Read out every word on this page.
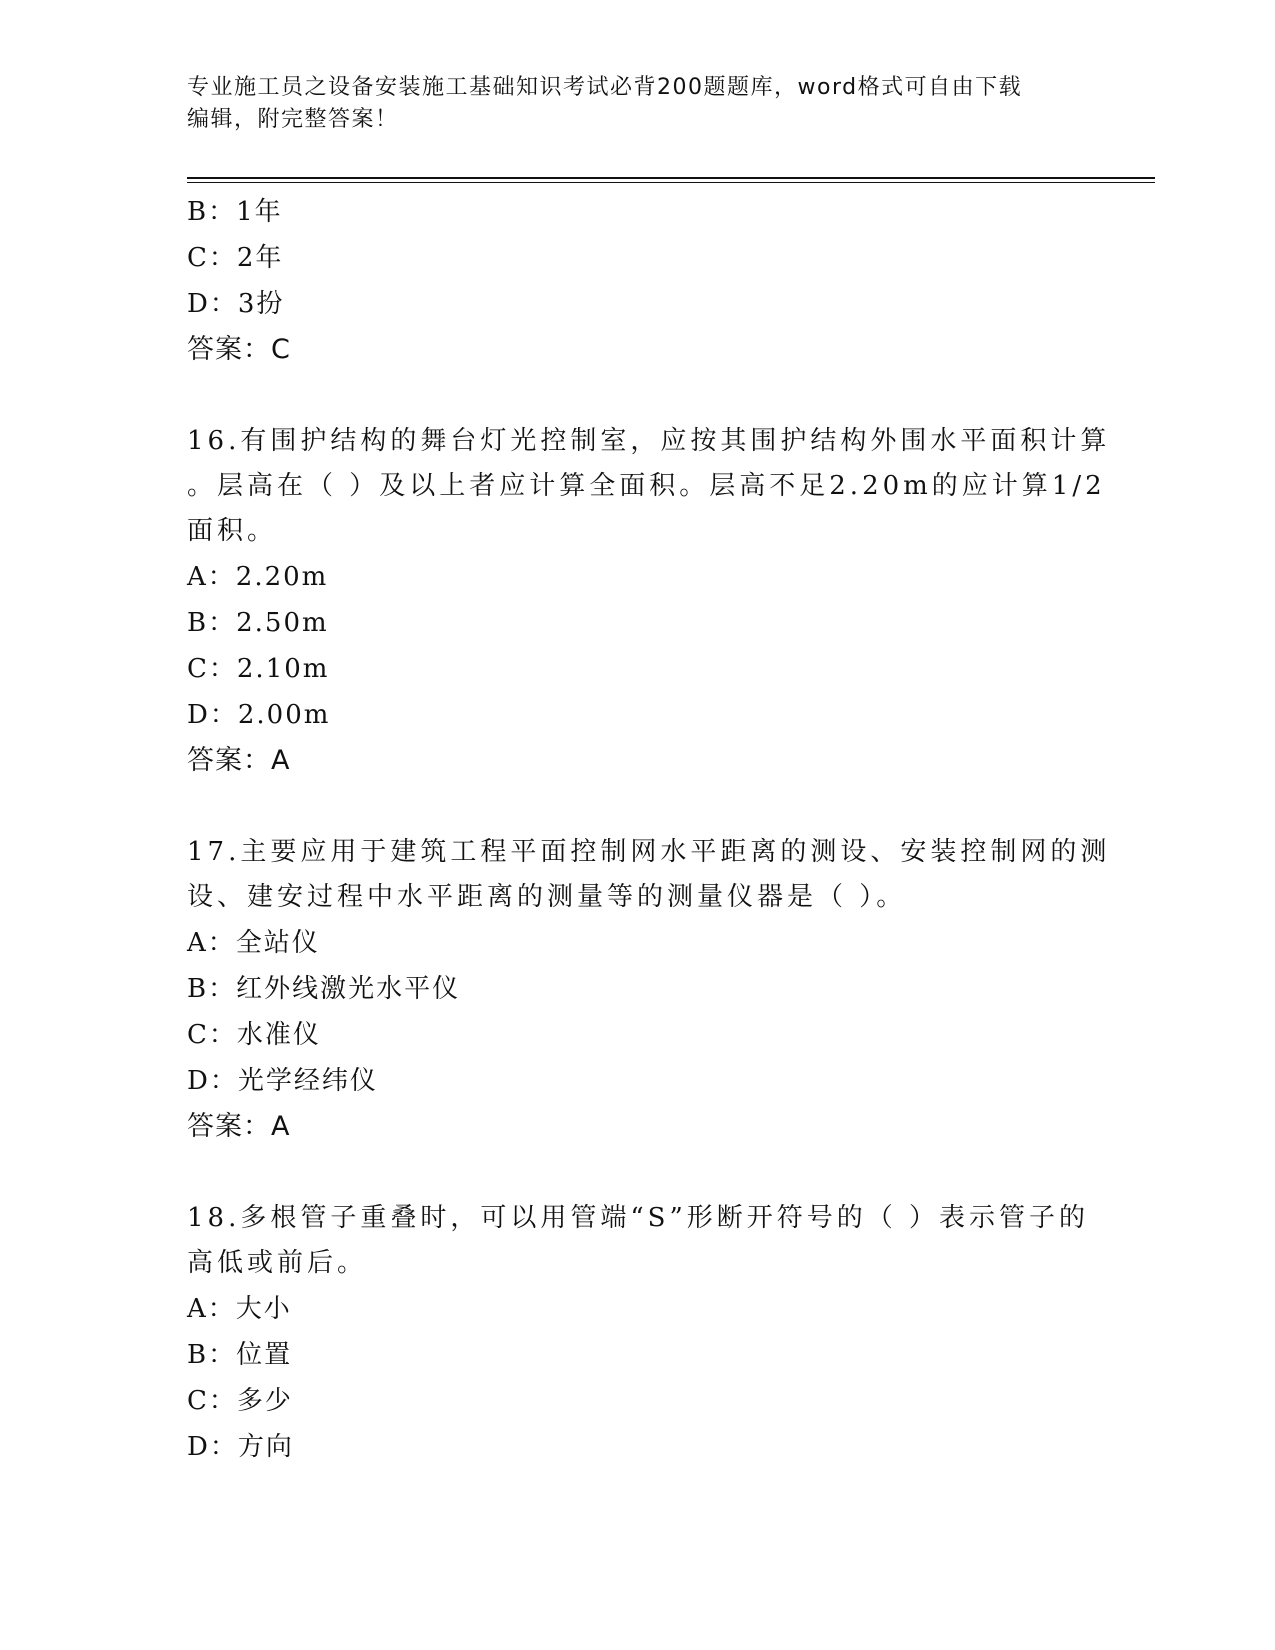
专业施工员之设备安装施工基础知识考试必背200题题库，word格式可自由下载
编辑，附完整答案！
B：1年
C：2年
D：3扮
答案：C
16.有围护结构的舞台灯光控制室，应按其围护结构外围水平面积计算
。层高在（ ）及以上者应计算全面积。层高不足2.20m的应计算1/2
面积。
A：2.20m
B：2.50m
C：2.10m
D：2.00m
答案：A
17.主要应用于建筑工程平面控制网水平距离的测设、安装控制网的测
设、建安过程中水平距离的测量等的测量仪器是（ ）。
A：全站仪
B：红外线激光水平仪
C：水准仪
D：光学经纬仪
答案：A
18.多根管子重叠时，可以用管端“S”形断开符号的（ ）表示管子的
高低或前后。
A：大小
B：位置
C：多少
D：方向
